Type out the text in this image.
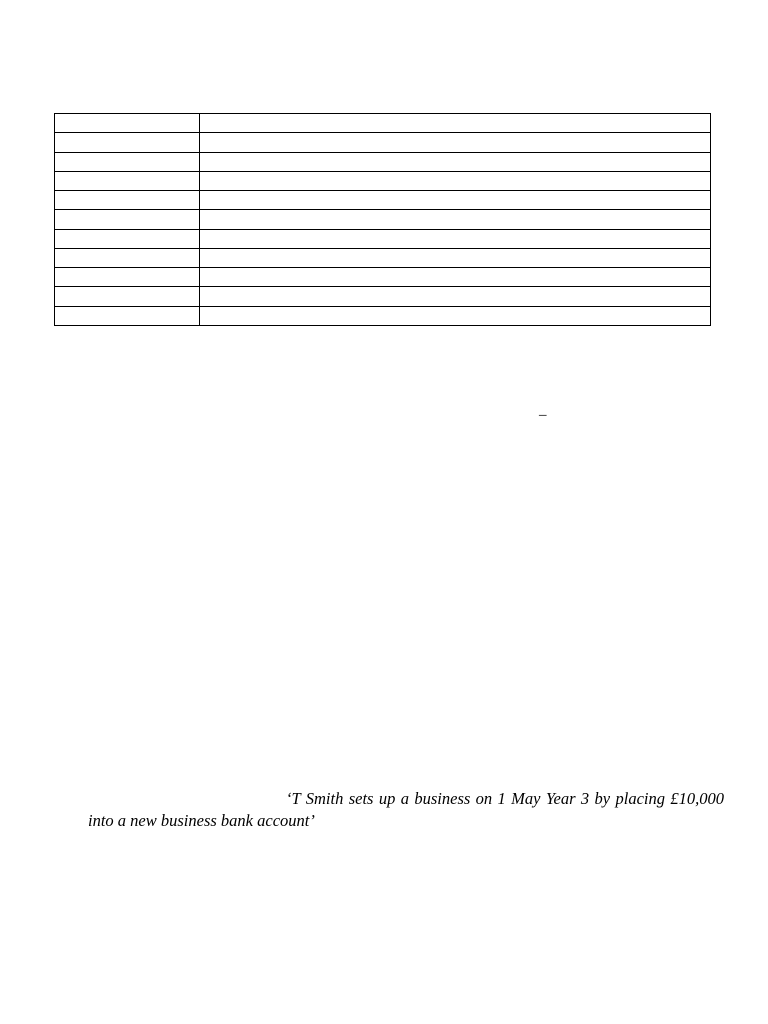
–
‘T Smith sets up a business on 1 May Year 3 by placing £10,000 into a new business bank account’
